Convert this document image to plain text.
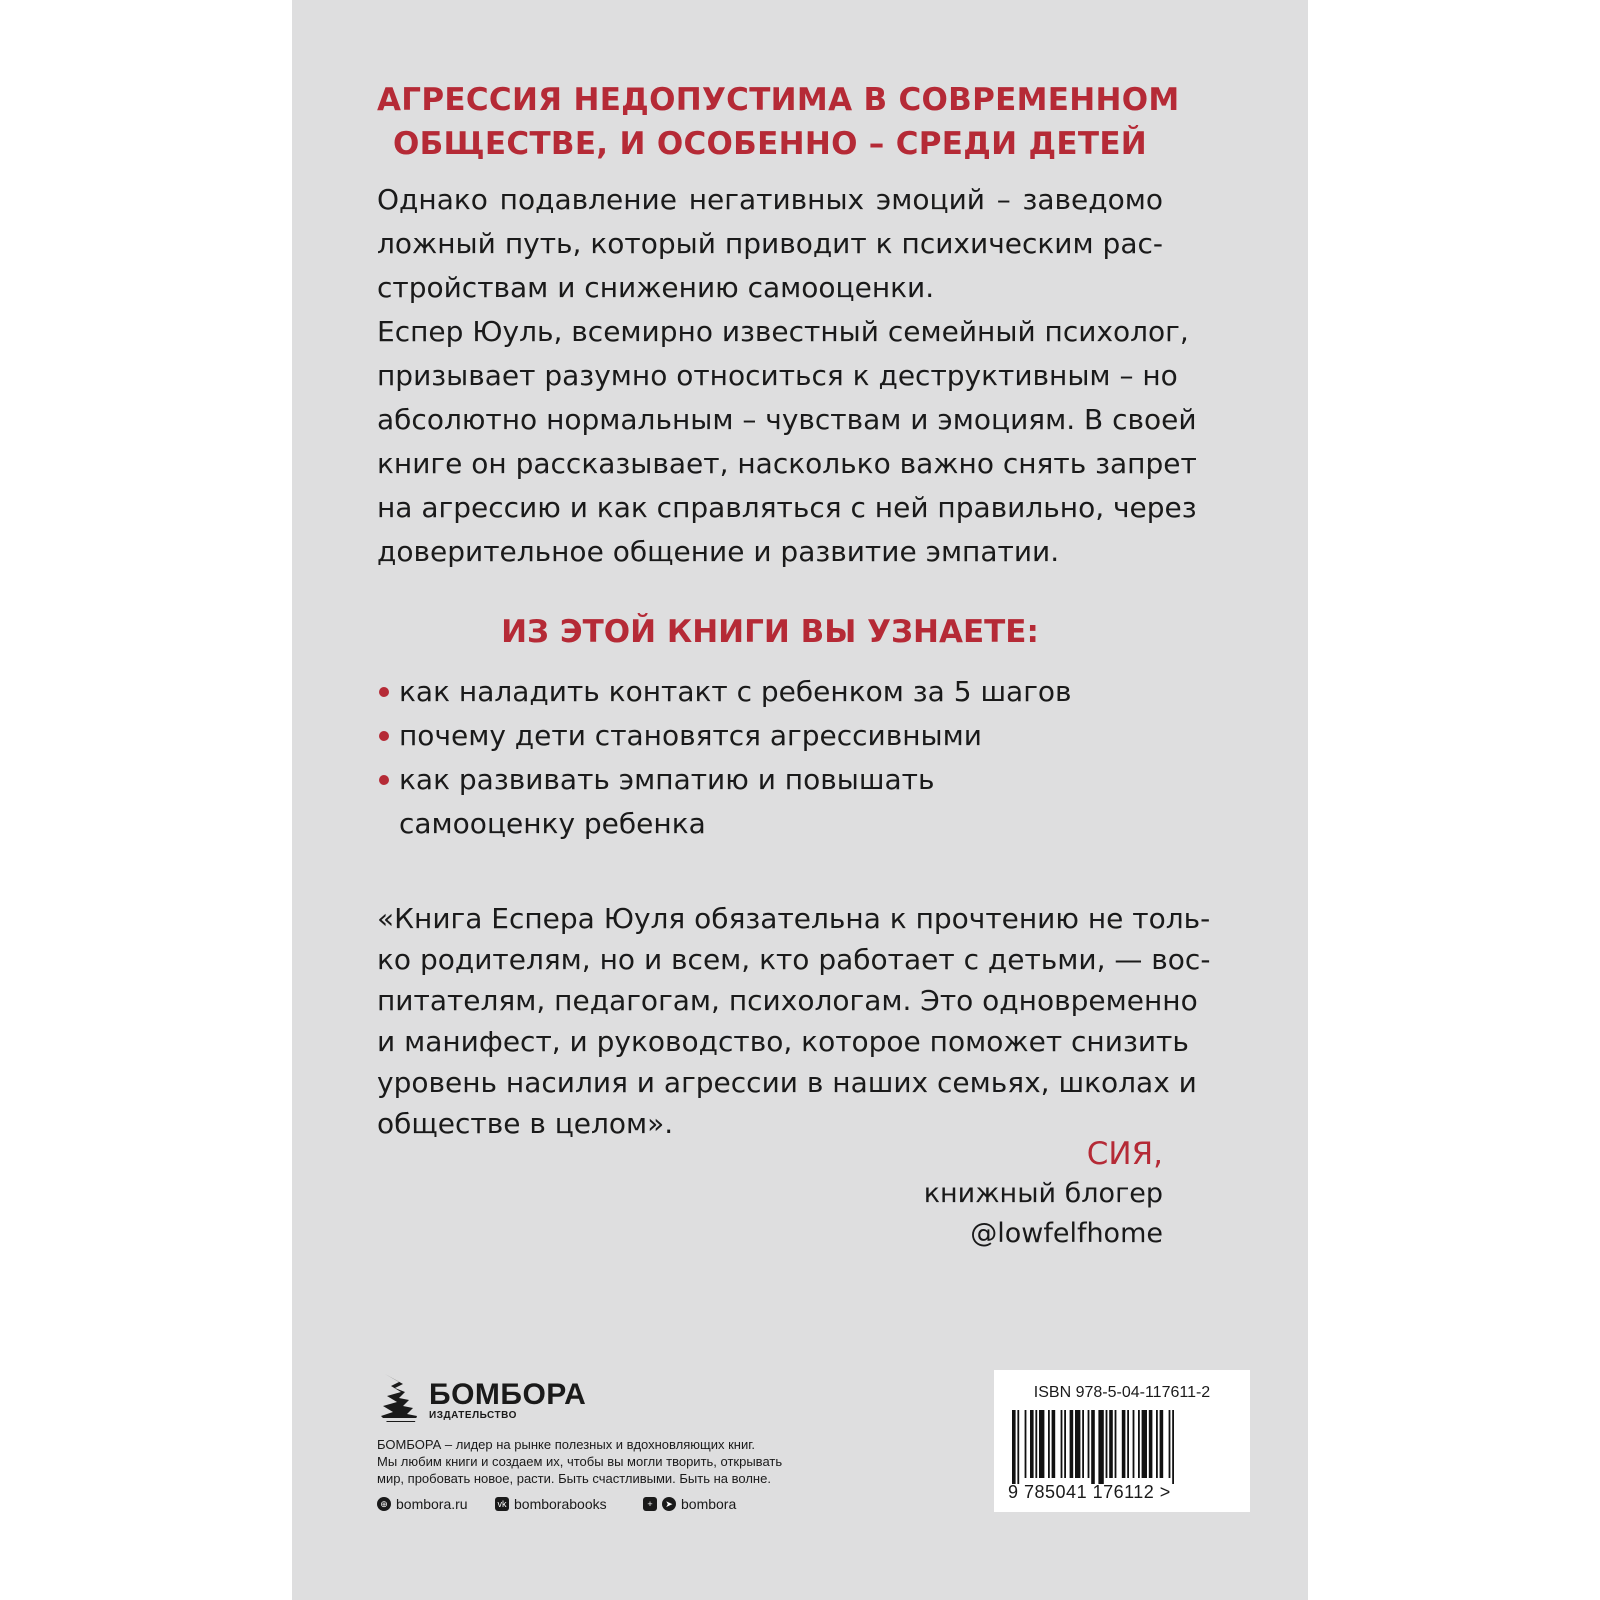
АГРЕССИЯ НЕДОПУСТИМА В СОВРЕМЕННОМ
ОБЩЕСТВЕ, И ОСОБЕННО – СРЕДИ ДЕТЕЙ
Однако подавление негативных эмоций – заведомо
ложный путь, который приводит к психическим рас-
стройствам и снижению самооценки.
Еспер Юуль, всемирно известный семейный психолог,
призывает разумно относиться к деструктивным – но
абсолютно нормальным – чувствам и эмоциям. В своей
книге он рассказывает, насколько важно снять запрет
на агрессию и как справляться с ней правильно, через
доверительное общение и развитие эмпатии.
ИЗ ЭТОЙ КНИГИ ВЫ УЗНАЕТЕ:
как наладить контакт с ребенком за 5 шагов
почему дети становятся агрессивными
как развивать эмпатию и повышать самооценку ребенка
«Книга Еспера Юуля обязательна к прочтению не толь-
ко родителям, но и всем, кто работает с детьми, — вос-
питателям, педагогам, психологам. Это одновременно
и манифест, и руководство, которое поможет снизить
уровень насилия и агрессии в наших семьях, школах и
обществе в целом».
СИЯ,
книжный блогер
@lowfelfhome
БОМБОРА
ИЗДАТЕЛЬСТВО
БОМБОРА – лидер на рынке полезных и вдохновляющих книг.
Мы любим книги и создаем их, чтобы вы могли творить, открывать
мир, пробовать новое, расти. Быть счастливыми. Быть на волне.
⊕ bombora.ru	vk bomborabooks	+	➤ bombora
ISBN 978-5-04-117611-2
9 785041 176112 >
